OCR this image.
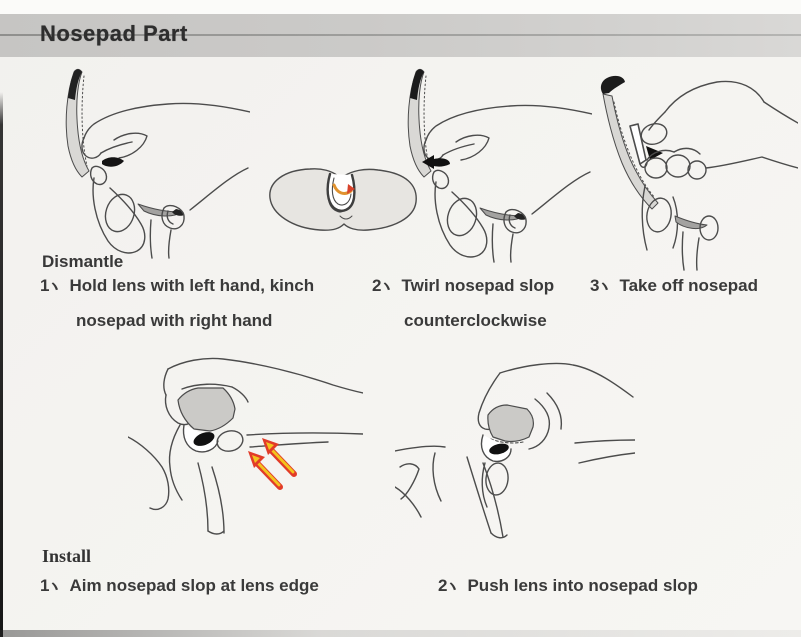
Nosepad Part
Dismantle
1 Hold lens with left hand, kinch
nosepad with right hand
2 Twirl nosepad slop
counterclockwise
3 Take off nosepad
Install
1 Aim nosepad slop at lens edge	2 Push lens into nosepad slop
